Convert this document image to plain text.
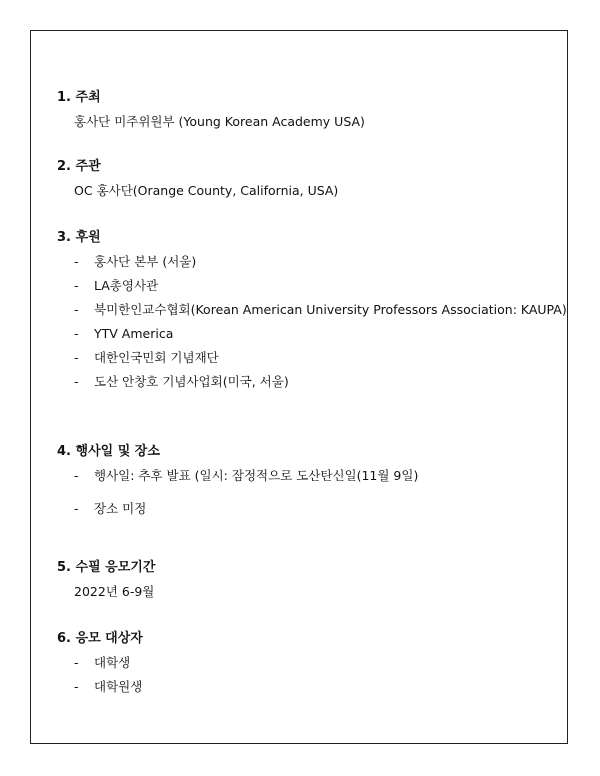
1. 주최
홍사단 미주위원부 (Young Korean Academy USA)
2. 주관
OC 홍사단(Orange County, California, USA)
3. 후원
- 홍사단 본부 (서울)
- LA총영사관
- 북미한인교수협회(Korean American University Professors Association: KAUPA)
- YTV America
- 대한인국민회 기념재단
- 도산 안창호 기념사업회(미국, 서울)
4. 행사일 및 장소
- 행사일: 추후 발표 (일시: 잠정적으로 도산탄신일(11월 9일)
- 장소 미정
5. 수필 응모기간
2022년 6-9월
6. 응모 대상자
- 대학생
- 대학원생
